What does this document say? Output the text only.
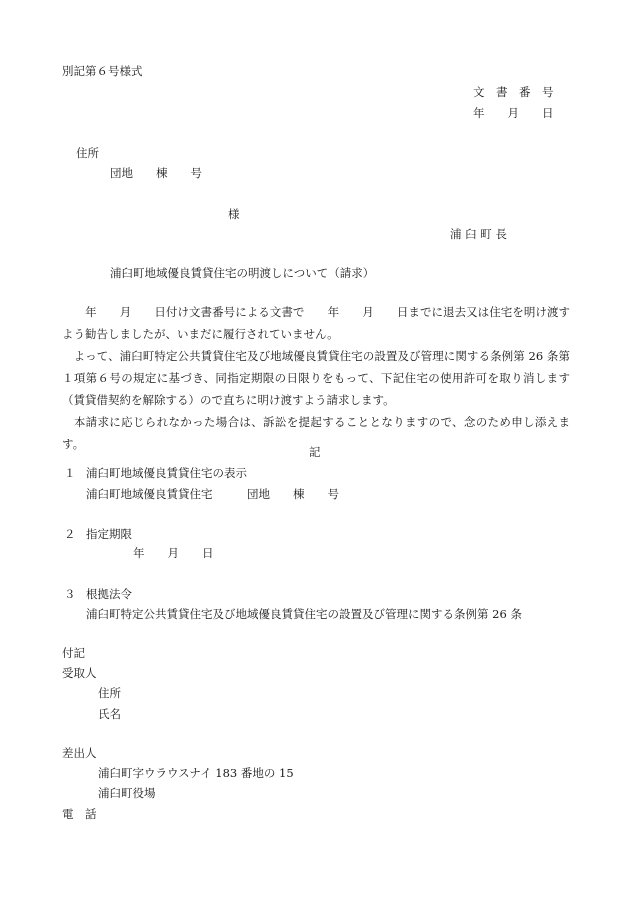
別記第６号様式
文　書　番　号
年　　月　　日
住所
団地　　棟　　号
様
浦 臼 町 長
浦臼町地域優良賃貸住宅の明渡しについて（請求）
　　年　　月　　日付け文書番号による文書で　　年　　月　　日までに退去又は住宅を明け渡すよう勧告しましたが、いまだに履行されていません。
　よって、浦臼町特定公共賃貸住宅及び地域優良賃貸住宅の設置及び管理に関する条例第 26 条第１項第６号の規定に基づき、同指定期限の日限りをもって、下記住宅の使用許可を取り消します（賃貸借契約を解除する）ので直ちに明け渡すよう請求します。
　本請求に応じられなかった場合は、訴訟を提起することとなりますので、念のため申し添えます。
記
１ 浦臼町地域優良賃貸住宅の表示
浦臼町地域優良賃貸住宅　　　団地　　棟　　号
２ 指定期限
年　　月　　日
３ 根拠法令
浦臼町特定公共賃貸住宅及び地域優良賃貸住宅の設置及び管理に関する条例第 26 条
付記
受取人
住所
氏名
差出人
浦臼町字ウラウスナイ 183 番地の 15
浦臼町役場
電　話
